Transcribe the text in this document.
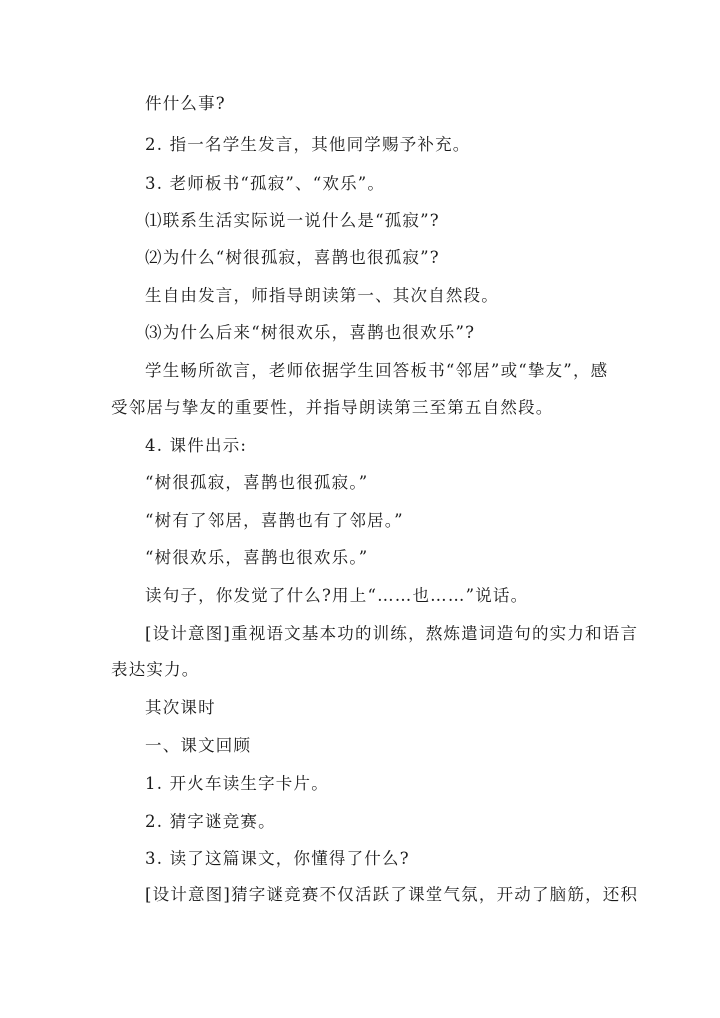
件什么事?
2. 指一名学生发言，其他同学赐予补充。
3. 老师板书“孤寂”、“欢乐”。
⑴联系生活实际说一说什么是“孤寂”?
⑵为什么“树很孤寂，喜鹊也很孤寂”?
生自由发言，师指导朗读第一、其次自然段。
⑶为什么后来“树很欢乐，喜鹊也很欢乐”?
学生畅所欲言，老师依据学生回答板书“邻居”或“挚友”，感
受邻居与挚友的重要性，并指导朗读第三至第五自然段。
4. 课件出示:
“树很孤寂，喜鹊也很孤寂。”
“树有了邻居，喜鹊也有了邻居。”
“树很欢乐，喜鹊也很欢乐。”
读句子，你发觉了什么?用上“……也……”说话。
[设计意图]重视语文基本功的训练，熬炼遣词造句的实力和语言
表达实力。
其次课时
一、课文回顾
1. 开火车读生字卡片。
2. 猜字谜竞赛。
3. 读了这篇课文，你懂得了什么?
[设计意图]猜字谜竞赛不仅活跃了课堂气氛，开动了脑筋，还积
